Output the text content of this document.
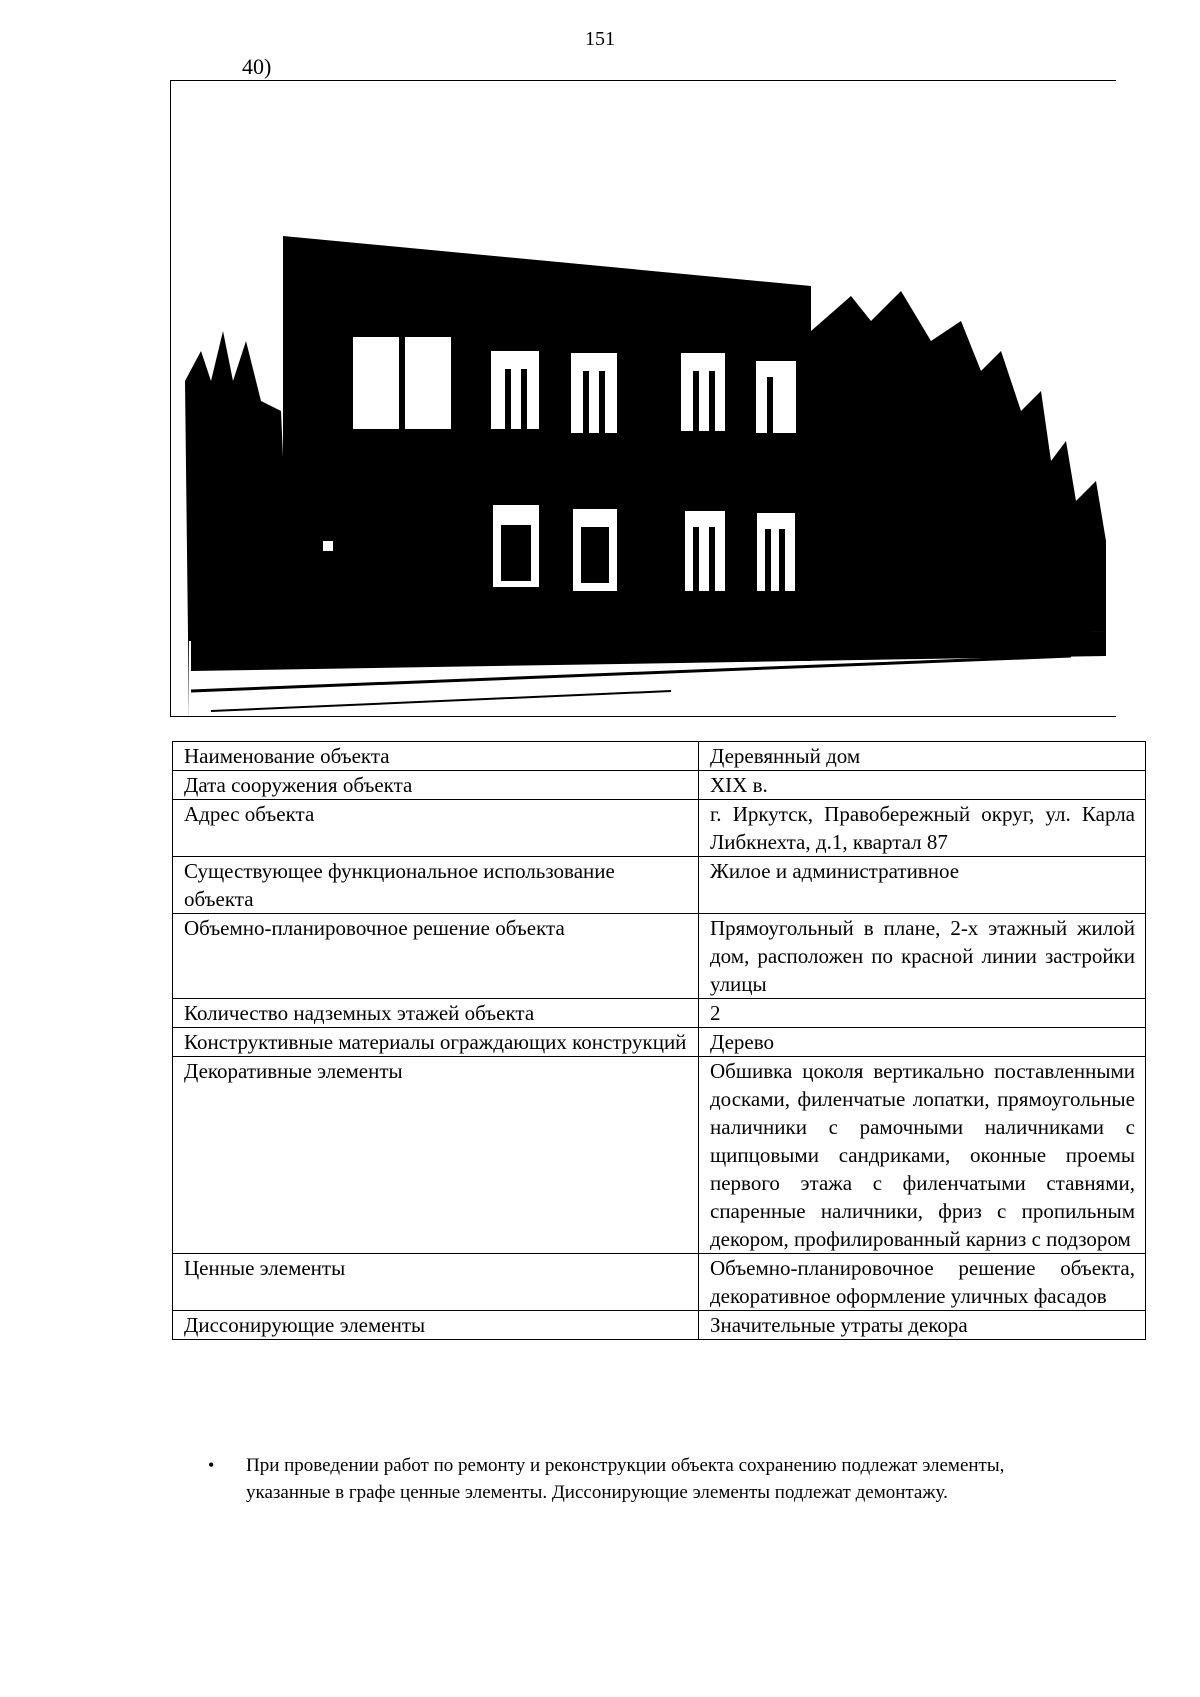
151
40)
Наименование объекта	Деревянный дом
Дата сооружения объекта	XIX в.
Адрес объекта	г. Иркутск, Правобережный округ, ул. Карла Либкнехта, д.1, квартал 87
Существующее функциональное использование объекта	Жилое и административное
Объемно-планировочное решение объекта	Прямоугольный в плане, 2-х этажный жилой дом, расположен по красной линии застройки улицы
Количество надземных этажей объекта	2
Конструктивные материалы ограждающих конструкций	Дерево
Декоративные элементы	Обшивка цоколя вертикально поставленными досками, филенчатые лопатки, прямоугольные наличники с рамочными наличниками с щипцовыми сандриками, оконные проемы первого этажа с филенчатыми ставнями, спаренные наличники, фриз с пропильным декором, профилированный карниз с подзором
Ценные элементы	Объемно-планировочное решение объекта, декоративное оформление уличных фасадов
Диссонирующие элементы	Значительные утраты декора
• При проведении работ по ремонту и реконструкции объекта сохранению подлежат элементы, указанные в графе ценные элементы. Диссонирующие элементы подлежат демонтажу.
